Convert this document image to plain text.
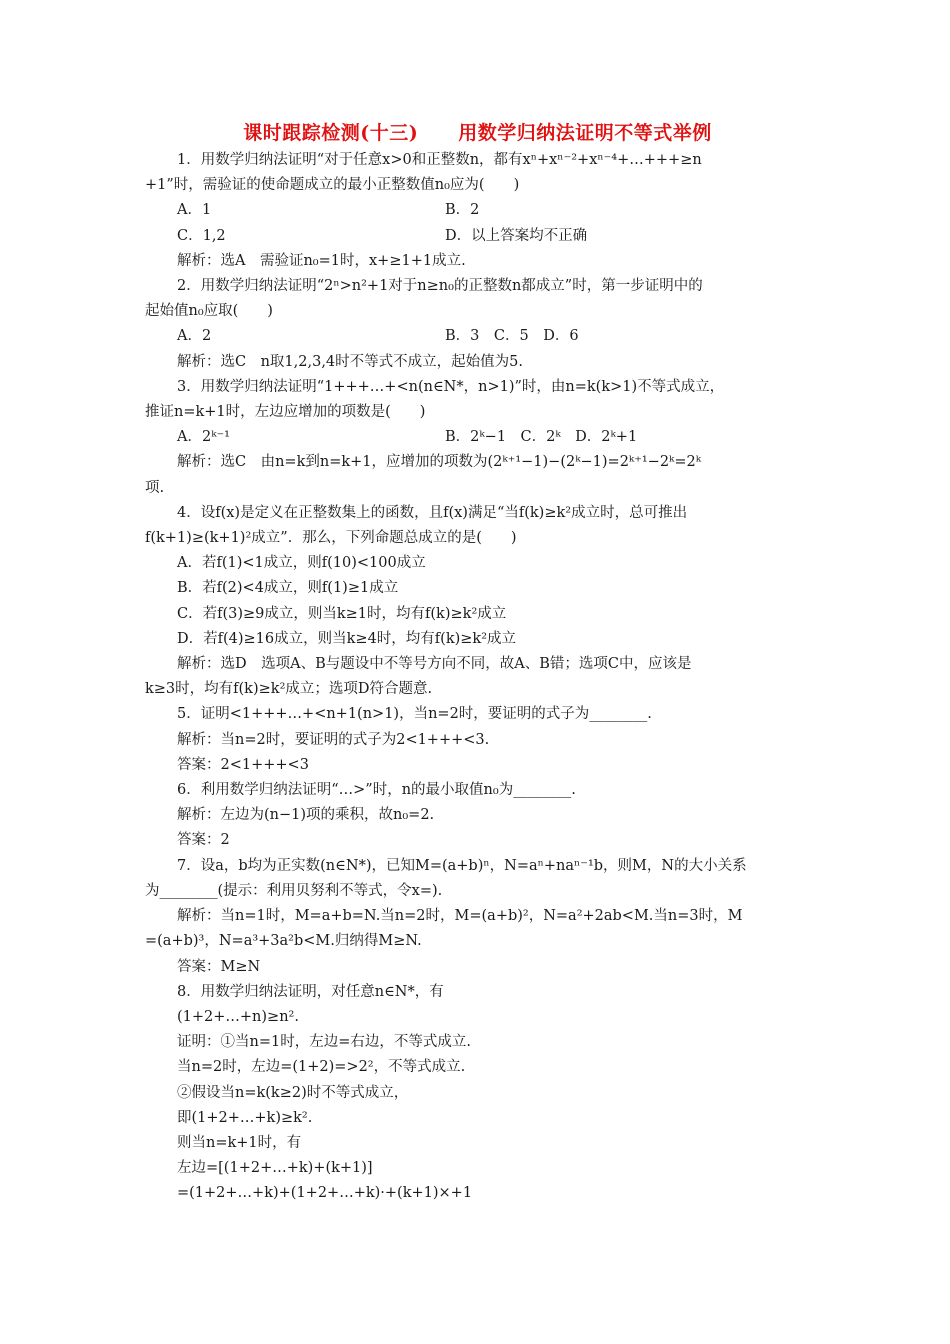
课时跟踪检测(十三) 用数学归纳法证明不等式举例
1．用数学归纳法证明“对于任意x>0和正整数n，都有xⁿ+xⁿ⁻²+xⁿ⁻⁴+…+++≥n
+1”时，需验证的使命题成立的最小正整数值n₀应为(　　)
A．1	B．2
C．1,2	D．以上答案均不正确
解析：选A　需验证n₀=1时，x+≥1+1成立.
2．用数学归纳法证明“2ⁿ>n²+1对于n≥n₀的正整数n都成立”时，第一步证明中的
起始值n₀应取(　　)
A．2	B．3　C．5　D．6
解析：选C　n取1,2,3,4时不等式不成立，起始值为5.
3．用数学归纳法证明“1+++…+<n(n∈N*，n>1)”时，由n=k(k>1)不等式成立，
推证n=k+1时，左边应增加的项数是(　　)
A．2ᵏ⁻¹	B．2ᵏ−1　C．2ᵏ　D．2ᵏ+1
解析：选C　由n=k到n=k+1，应增加的项数为(2ᵏ⁺¹−1)−(2ᵏ−1)=2ᵏ⁺¹−2ᵏ=2ᵏ
项.
4．设f(x)是定义在正整数集上的函数，且f(x)满足“当f(k)≥k²成立时，总可推出
f(k+1)≥(k+1)²成立”．那么，下列命题总成立的是(　　)
A．若f(1)<1成立，则f(10)<100成立
B．若f(2)<4成立，则f(1)≥1成立
C．若f(3)≥9成立，则当k≥1时，均有f(k)≥k²成立
D．若f(4)≥16成立，则当k≥4时，均有f(k)≥k²成立
解析：选D　选项A、B与题设中不等号方向不同，故A、B错；选项C中，应该是
k≥3时，均有f(k)≥k²成立；选项D符合题意.
5．证明<1+++…+<n+1(n>1)，当n=2时，要证明的式子为________.
解析：当n=2时，要证明的式子为2<1+++<3.
答案：2<1+++<3
6．利用数学归纳法证明“…>”时，n的最小取值n₀为________.
解析：左边为(n−1)项的乘积，故n₀=2.
答案：2
7．设a，b均为正实数(n∈N*)，已知M=(a+b)ⁿ，N=aⁿ+naⁿ⁻¹b，则M，N的大小关系
为________(提示：利用贝努利不等式，令x=).
解析：当n=1时，M=a+b=N.当n=2时，M=(a+b)²，N=a²+2ab<M.当n=3时，M
=(a+b)³，N=a³+3a²b<M.归纳得M≥N.
答案：M≥N
8．用数学归纳法证明，对任意n∈N*，有
(1+2+…+n)≥n².
证明：①当n=1时，左边=右边，不等式成立.
当n=2时，左边=(1+2)=>2²，不等式成立.
②假设当n=k(k≥2)时不等式成立，
即(1+2+…+k)≥k².
则当n=k+1时，有
左边=[(1+2+…+k)+(k+1)]
=(1+2+…+k)+(1+2+…+k)·+(k+1)×+1
